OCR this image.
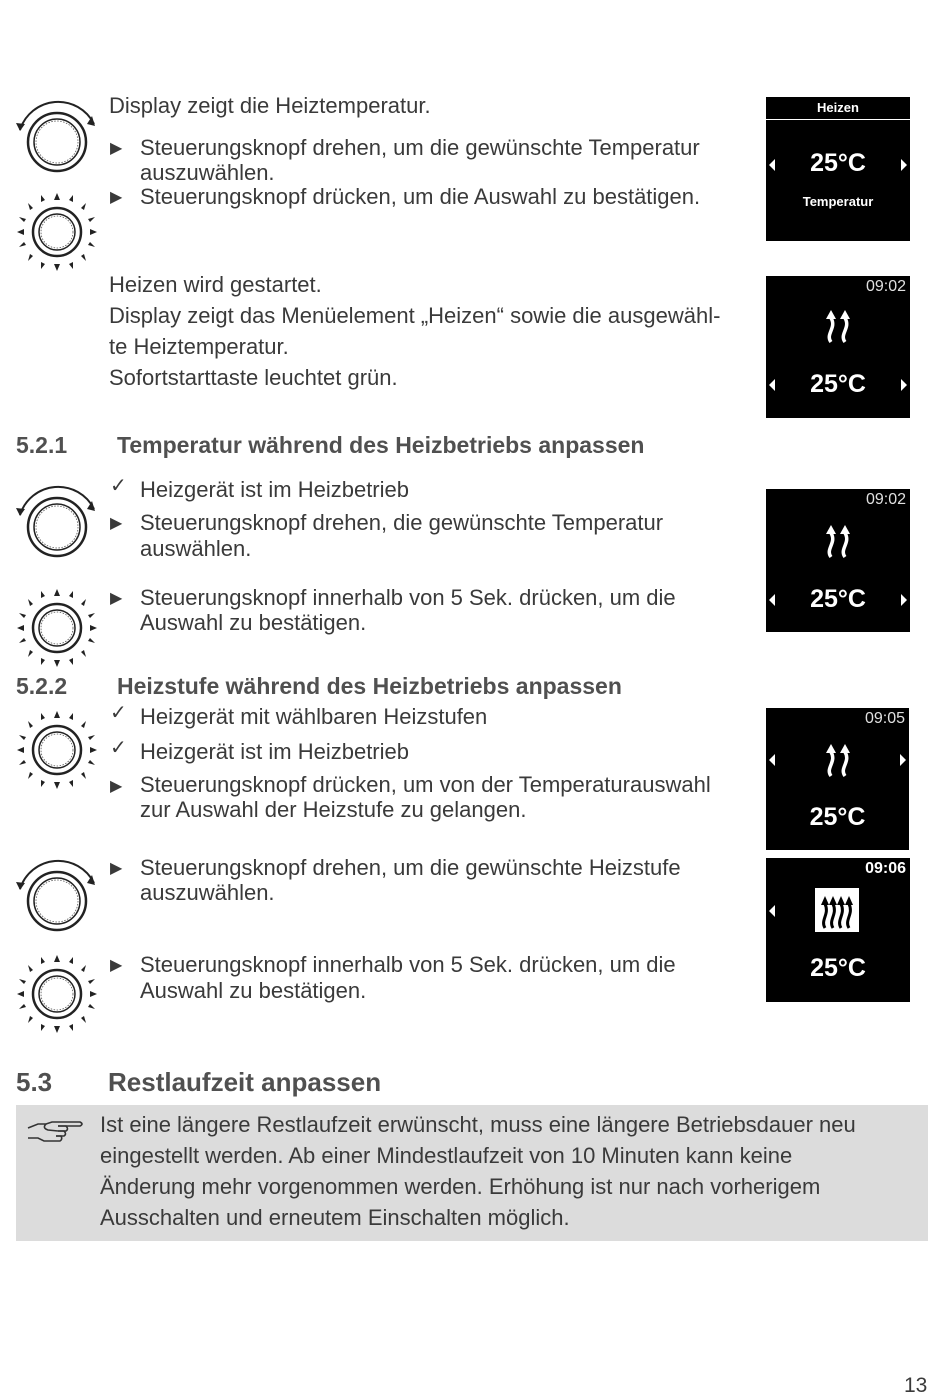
Display zeigt die Heiztemperatur.
▶ Steuerungsknopf drehen, um die gewünschte Temperatur
auszuwählen.
▶ Steuerungsknopf drücken, um die Auswahl zu bestätigen.
Heizen
25°C
Temperatur
Heizen wird gestartet.
Display zeigt das Menüelement „Heizen“ sowie die ausgewähl-
te Heiztemperatur.
Sofortstarttaste leuchtet grün.
09:02
25°C
5.2.1 Temperatur während des Heizbetriebs anpassen
✓ Heizgerät ist im Heizbetrieb
▶ Steuerungsknopf drehen, die gewünschte Temperatur
auswählen.
▶ Steuerungsknopf innerhalb von 5 Sek. drücken, um die
Auswahl zu bestätigen.
09:02
25°C
5.2.2 Heizstufe während des Heizbetriebs anpassen
✓ Heizgerät mit wählbaren Heizstufen
✓ Heizgerät ist im Heizbetrieb
▶ Steuerungsknopf drücken, um von der Temperaturauswahl
zur Auswahl der Heizstufe zu gelangen.
▶ Steuerungsknopf drehen, um die gewünschte Heizstufe
auszuwählen.
▶ Steuerungsknopf innerhalb von 5 Sek. drücken, um die
Auswahl zu bestätigen.
09:05
25°C
09:06
25°C
5.3 Restlaufzeit anpassen
Ist eine längere Restlaufzeit erwünscht, muss eine längere Betriebsdauer neu
eingestellt werden. Ab einer Mindestlaufzeit von 10 Minuten kann keine
Änderung mehr vorgenommen werden. Erhöhung ist nur nach vorherigem
Ausschalten und erneutem Einschalten möglich.
13
